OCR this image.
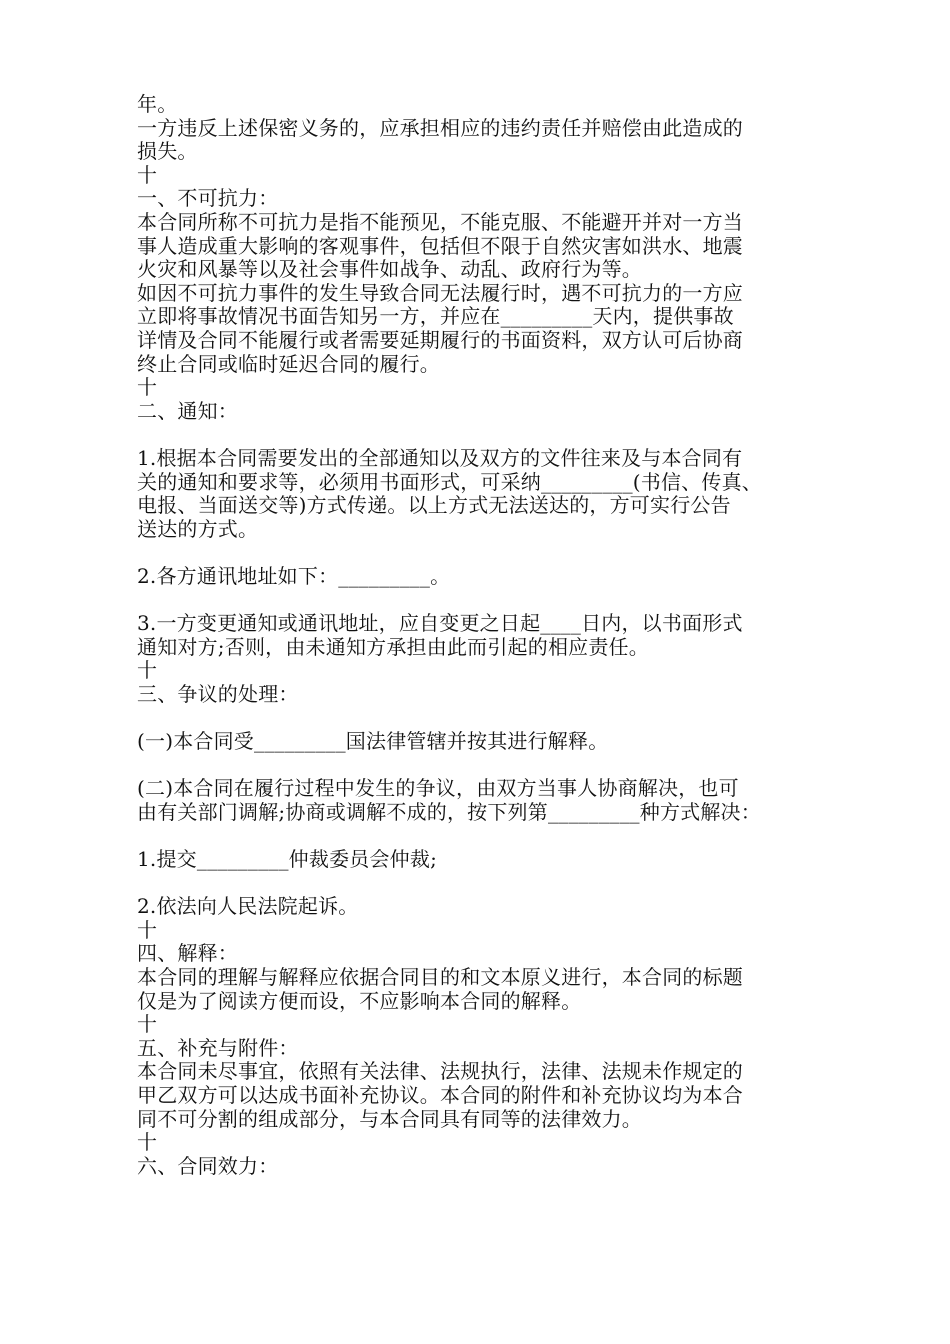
年。
一方违反上述保密义务的，应承担相应的违约责任并赔偿由此造成的
损失。
十
一、不可抗力：
本合同所称不可抗力是指不能预见，不能克服、不能避开并对一方当
事人造成重大影响的客观事件，包括但不限于自然灾害如洪水、地震
火灾和风暴等以及社会事件如战争、动乱、政府行为等。
如因不可抗力事件的发生导致合同无法履行时，遇不可抗力的一方应
立即将事故情况书面告知另一方，并应在_________天内，提供事故
详情及合同不能履行或者需要延期履行的书面资料，双方认可后协商
终止合同或临时延迟合同的履行。
十
二、通知：
1.根据本合同需要发出的全部通知以及双方的文件往来及与本合同有
关的通知和要求等，必须用书面形式，可采纳_________(书信、传真、
电报、当面送交等)方式传递。以上方式无法送达的，方可实行公告
送达的方式。
2.各方通讯地址如下：_________。
3.一方变更通知或通讯地址，应自变更之日起____日内，以书面形式
通知对方;否则，由未通知方承担由此而引起的相应责任。
十
三、争议的处理：
(一)本合同受_________国法律管辖并按其进行解释。
(二)本合同在履行过程中发生的争议，由双方当事人协商解决，也可
由有关部门调解;协商或调解不成的，按下列第_________种方式解决：
1.提交_________仲裁委员会仲裁;
2.依法向人民法院起诉。
十
四、解释：
本合同的理解与解释应依据合同目的和文本原义进行，本合同的标题
仅是为了阅读方便而设，不应影响本合同的解释。
十
五、补充与附件：
本合同未尽事宜，依照有关法律、法规执行，法律、法规未作规定的
甲乙双方可以达成书面补充协议。本合同的附件和补充协议均为本合
同不可分割的组成部分，与本合同具有同等的法律效力。
十
六、合同效力：
